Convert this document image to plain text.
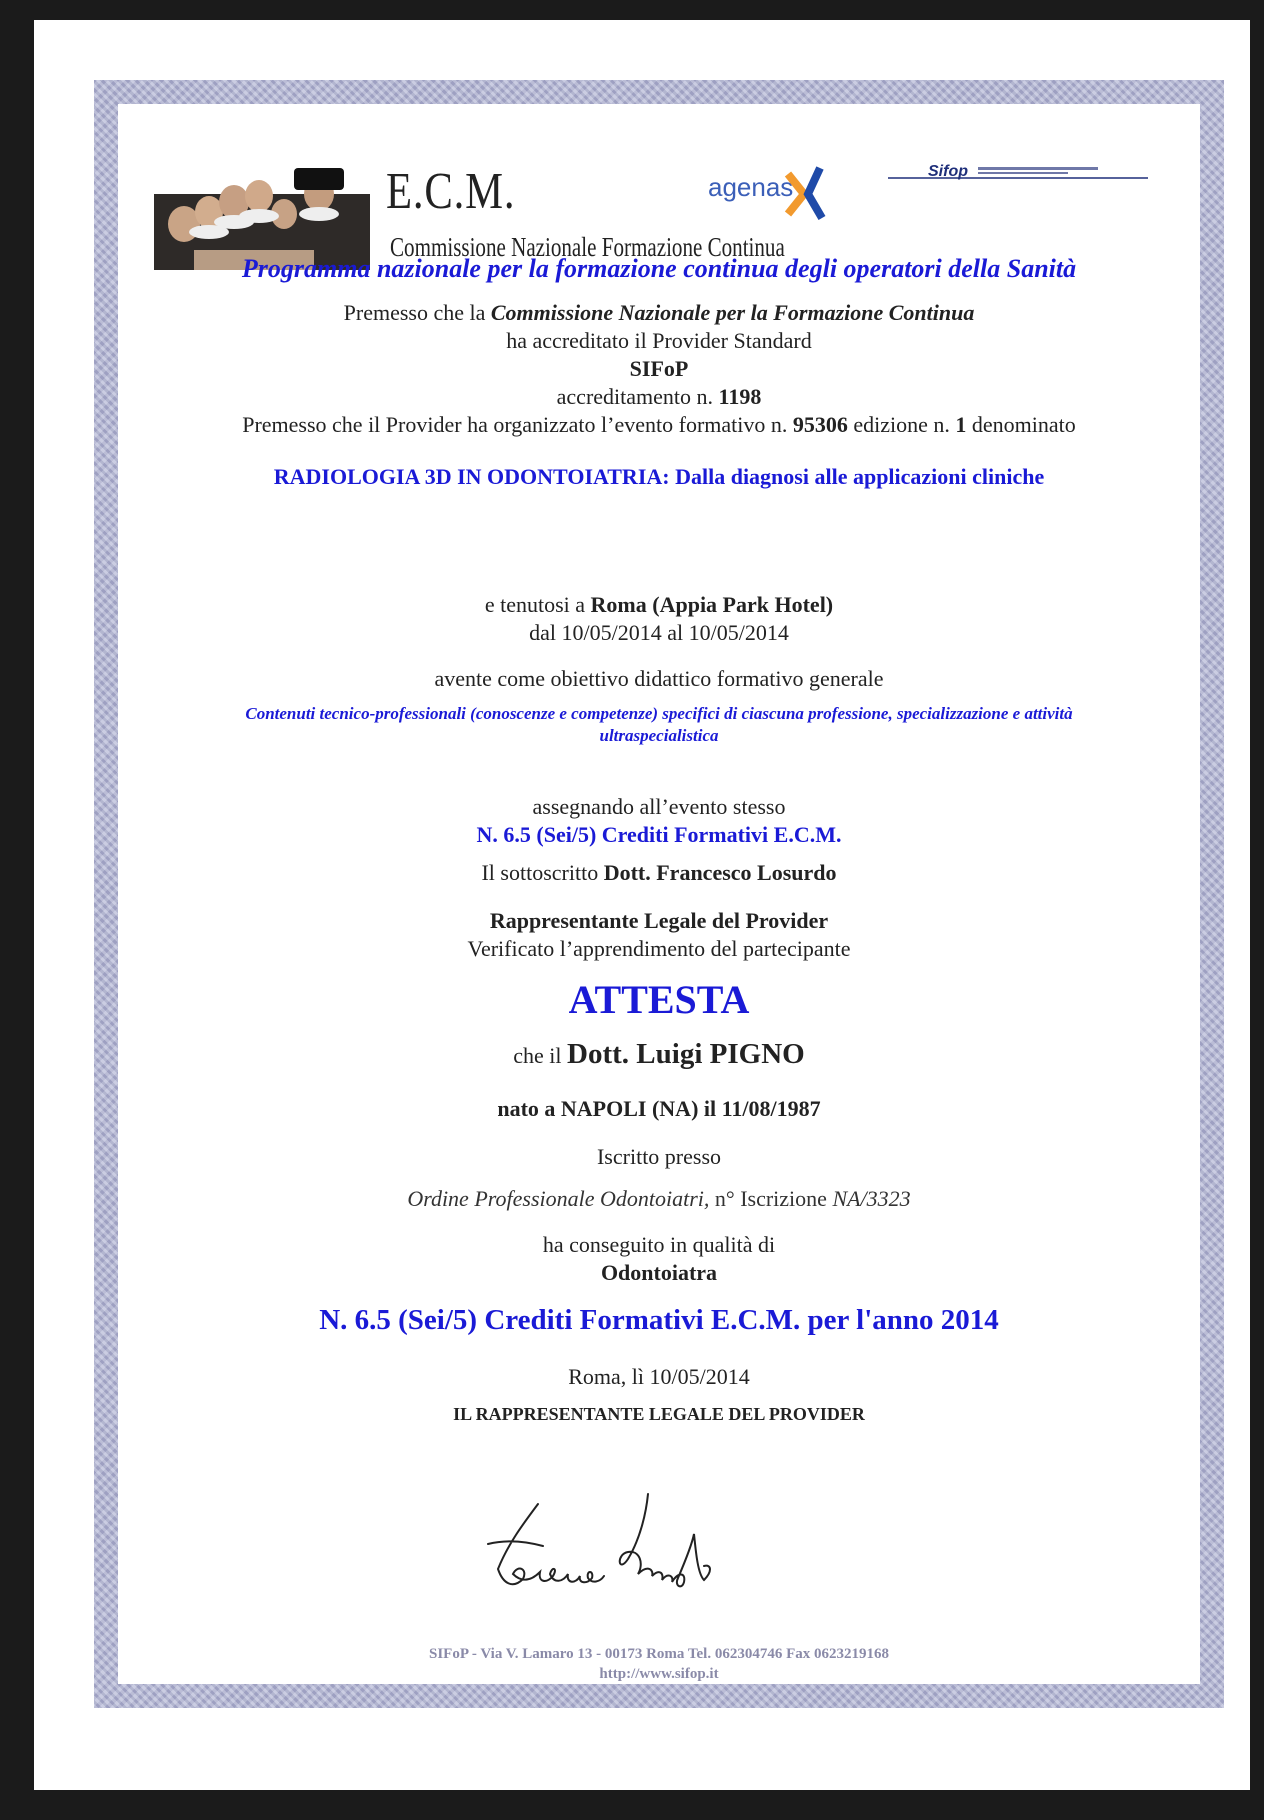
E.C.M.
Commissione Nazionale Formazione Continua
agenas
Sifop
Programma nazionale per la formazione continua degli operatori della Sanità
Premesso che la Commissione Nazionale per la Formazione Continua
ha accreditato il Provider Standard
SIFoP
accreditamento n. 1198
Premesso che il Provider ha organizzato l’evento formativo n. 95306 edizione n. 1 denominato
RADIOLOGIA 3D IN ODONTOIATRIA: Dalla diagnosi alle applicazioni cliniche
e tenutosi a Roma (Appia Park Hotel)
dal 10/05/2014 al 10/05/2014
avente come obiettivo didattico formativo generale
Contenuti tecnico-professionali (conoscenze e competenze) specifici di ciascuna professione, specializzazione e attività
ultraspecialistica
assegnando all’evento stesso
N. 6.5 (Sei/5) Crediti Formativi E.C.M.
Il sottoscritto Dott. Francesco Losurdo
Rappresentante Legale del Provider
Verificato l’apprendimento del partecipante
ATTESTA
che il Dott. Luigi PIGNO
nato a NAPOLI (NA) il 11/08/1987
Iscritto presso
Ordine Professionale Odontoiatri, n° Iscrizione NA/3323
ha conseguito in qualità di
Odontoiatra
N. 6.5 (Sei/5) Crediti Formativi E.C.M. per l'anno 2014
Roma, lì 10/05/2014
IL RAPPRESENTANTE LEGALE DEL PROVIDER
SIFoP - Via V. Lamaro 13 - 00173 Roma Tel. 062304746 Fax 0623219168
http://www.sifop.it
